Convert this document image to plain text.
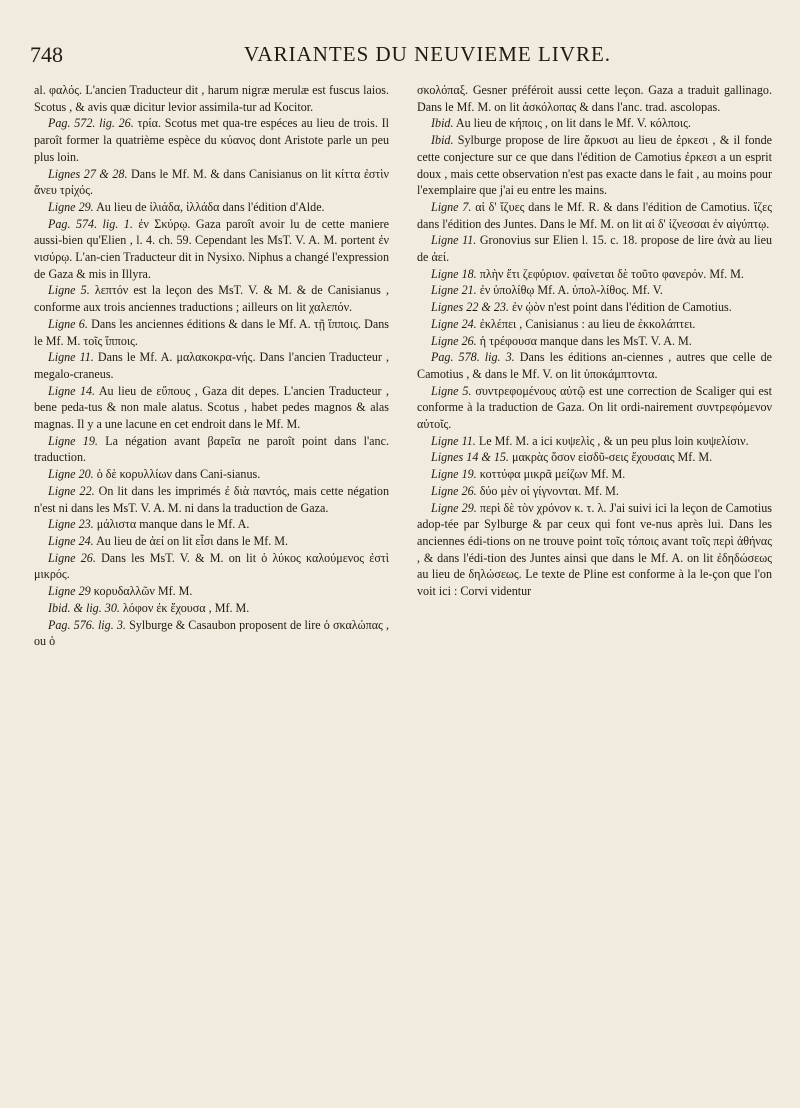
748	VARIANTES DU NEUVIEME LIVRE.

al. φαλός. L'ancien Traducteur dit , harum nigræ merulæ est fuscus laios. Scotus , & avis quæ dicitur levior assimila-tur ad Kocitor.

Pag. 572. lig. 26. τρία. Scotus met qua-tre espéces au lieu de trois. Il paroît former la quatrième espèce du κύανος dont Aristote parle un peu plus loin.

Lignes 27 & 28. Dans le Mf. M. & dans Canisianus on lit κίττα ἐστὶν ἄνευ τρίχός.

Ligne 29. Au lieu de ἰλιάδα, ἰλλάδα dans l'édition d'Alde.

Pag. 574. lig. 1. ἐν Σκύρῳ. Gaza paroît avoir lu de cette maniere aussi-bien qu'Elien , l. 4. ch. 59. Cependant les MsT. V. A. M. portent ἐν νισύρῳ. L'an-cien Traducteur dit in Nysixo. Niphus a changé l'expression de Gaza & mis in Illyra.

Ligne 5. λεπτόν est la leçon des MsT. V. & M. & de Canisianus , conforme aux trois anciennes traductions ; ailleurs on lit χαλεπόν.

Ligne 6. Dans les anciennes éditions & dans le Mf. A. τῇ ἵπποις. Dans le Mf. M. τοῖς ἵπποις.

Ligne 11. Dans le Mf. A. μαλακοκρα-νής. Dans l'ancien Traducteur , megalo-craneus.

Ligne 14. Au lieu de εὔπους , Gaza dit depes. L'ancien Traducteur , bene peda-tus & non male alatus. Scotus , habet pedes magnos & alas magnas. Il y a une lacune en cet endroit dans le Mf. M.

Ligne 19. La négation avant βαρεῖα ne paroît point dans l'anc. traduction.

Ligne 20. ὁ δὲ κορυλλίων dans Cani-sianus.

Ligne 22. On lit dans les imprimés ἐ διὰ παντός, mais cette négation n'est ni dans les MsT. V. A. M. ni dans la traduction de Gaza.

Ligne 23. μάλιστα manque dans le Mf. A.

Ligne 24. Au lieu de ἀεί on lit εἶσι dans le Mf. M.

Ligne 26. Dans les MsT. V. & M. on lit ὁ λύκος καλούμενος ἐστὶ μικρός.

Ligne 29 κορυδαλλῶν Mf. M.

Ibid. & lig. 30. λόφον ἐκ ἔχουσα , Mf. M.

Pag. 576. lig. 3. Sylburge & Casaubon proposent de lire ὁ σκαλώπας , ou ὁ

σκολόπαξ. Gesner préféroit aussi cette leçon. Gaza a traduit gallinago. Dans le Mf. M. on lit ἀσκόλοπας & dans l'anc. trad. ascolopas.

Ibid. Au lieu de κήποις , on lit dans le Mf. V. κόλποις.

Ibid. Sylburge propose de lire ἄρκυσι au lieu de ἐρκεσι , & il fonde cette conjecture sur ce que dans l'édition de Camotius ἐρκεσι a un esprit doux , mais cette observation n'est pas exacte dans le fait , au moins pour l'exemplaire que j'ai eu entre les mains.

Ligne 7. αἱ δ' ἴζυες dans le Mf. R. & dans l'édition de Camotius. ἴζες dans l'édition des Juntes. Dans le Mf. M. on lit αἱ δ' ἰζνεσσαι ἐν αἰγύπτῳ.

Ligne 11. Gronovius sur Elien l. 15. c. 18. propose de lire ἀνὰ au lieu de ἀεί.

Ligne 18. πλὴν ἔτι ζεφύριον. φαίνεται δὲ τοῦτο φανερόν. Mf. M.

Ligne 21. ἐν ὑπολίθῳ Mf. A. ὑπολ-λίθος. Mf. V.

Lignes 22 & 23. ἐν ᾠὸν n'est point dans l'édition de Camotius.

Ligne 24. ἐκλέπει , Canisianus : au lieu de ἐκκολάπτει.

Ligne 26. ἡ τρέφουσα manque dans les MsT. V. A. M.

Pag. 578. lig. 3. Dans les éditions an-ciennes , autres que celle de Camotius , & dans le Mf. V. on lit ὑποκάμπτοντα.

Ligne 5. συντρεφομένους αὐτῷ est une correction de Scaliger qui est conforme à la traduction de Gaza. On lit ordi-nairement συντρεφόμενον αὐτοῖς.

Ligne 11. Le Mf. M. a ici κυψελὶς , & un peu plus loin κυψελίσιν.

Lignes 14 & 15. μακρὰς ὅσον εἰσδῦ-σεις ἔχουσαις Mf. M.

Ligne 19. κοττύφα μικρᾶ μείζων Mf. M.

Ligne 26. δύο μὲν οἱ γίγνονται. Mf. M.

Ligne 29. περὶ δὲ τὸν χρόνον κ. τ. λ. J'ai suivi ici la leçon de Camotius adop-tée par Sylburge & par ceux qui font ve-nus après lui. Dans les anciennes édi-tions on ne trouve point τοῖς τόποις avant τοῖς περὶ ἀθήνας , & dans l'édi-tion des Juntes ainsi que dans le Mf. A. on lit ἐδηδώσεως au lieu de δηλώσεως. Le texte de Pline est conforme à la le-çon que l'on voit ici : Corvi videntur
